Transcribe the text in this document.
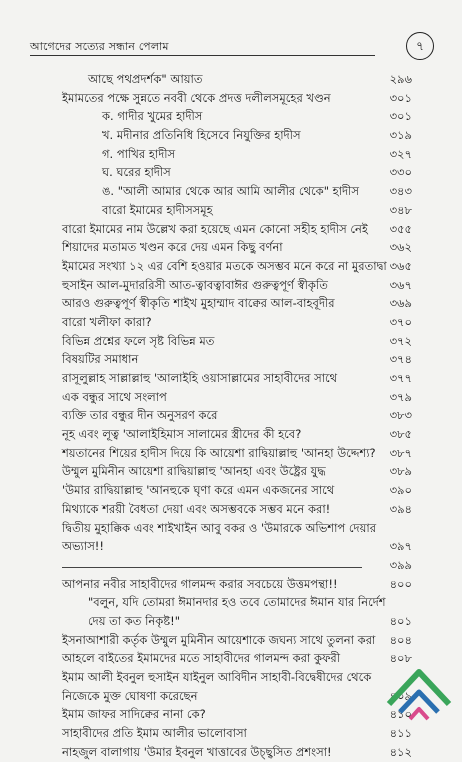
আগেদের সত্যের সন্ধান পেলাম	৭
আছে পথপ্রদর্শক" আয়াত	২৯৬
ইমামতের পক্ষে সুন্নতে নববী থেকে প্রদত্ত দলীলসমূহের খণ্ডন	৩০১
ক. গাদীর খুমের হাদীস	৩০১
খ. মদীনার প্রতিনিধি হিসেবে নিযুক্তির হাদীস	৩১৯
গ. পাখির হাদীস	৩২৭
ঘ. ঘরের হাদীস	৩৩০
ঙ. "আলী আমার থেকে আর আমি আলীর থেকে" হাদীস	৩৪৩
বারো ইমামের হাদীসসমূহ	৩৪৮
বারো ইমামের নাম উল্লেখ করা হয়েছে এমন কোনো সহীহ হাদীস নেই ৩৫৫
শিয়াদের মতামত খণ্ডন করে দেয় এমন কিছু বর্ণনা	৩৬২
ইমামের সংখ্যা ১২ এর বেশি হওয়ার মতকে অসম্ভব মনে করে না মুরতাদ্বা ৩৬৫
হুসাইন আল-মুদাররিসী আত-ত্বাবত্বাবাঈর গুরুত্বপূর্ণ স্বীকৃতি	৩৬৭
আরও গুরুত্বপূর্ণ স্বীকৃতি শাইখ মুহাম্মাদ বাক্বের আল-বাহবূদীর	৩৬৯
বারো খলীফা কারা?	৩৭০
বিভিন্ন প্রশ্নের ফলে সৃষ্ট বিভিন্ন মত	৩৭২
বিষয়টির সমাধান	৩৭৪
রাসূলুল্লাহ সাল্লাল্লাহু 'আলাইহি ওয়াসাল্লামের সাহাবীদের সাথে	৩৭৭
এক বন্ধুর সাথে সংলাপ	৩৭৯
ব্যক্তি তার বন্ধুর দীন অনুসরণ করে	৩৮৩
নূহ এবং লূত্ব 'আলাইহিমাস সালামের স্ত্রীদের কী হবে?	৩৮৫
শয়তানের শিয়ের হাদীস দিয়ে কি আয়েশা রাদ্বিয়াল্লাহু 'আনহা উদ্দেশ্য? ৩৮৭
উম্মুল মুমিনীন আয়েশা রাদ্বিয়াল্লাহু 'আনহা এবং উষ্ট্রের যুদ্ধ	৩৮৯
'উমার রাদ্বিয়াল্লাহু 'আনহুকে ঘৃণা করে এমন একজনের সাথে	৩৯০
মিথ্যাকে শরয়ী বৈধতা দেয়া এবং অসম্ভবকে সম্ভব মনে করা!	৩৯৪
দ্বিতীয় মুহাক্কিক এবং শাইখাইন আবু বকর ও 'উমারকে অভিশাপ দেয়ার অভ্যাস!!	৩৯৭
৩৯৯
আপনার নবীর সাহাবীদের গালমন্দ করার সবচেয়ে উত্তমপন্থা!!	৪০০
"বলুন, যদি তোমরা ঈমানদার হও তবে তোমাদের ঈমান যার নির্দেশ দেয় তা কত নিকৃষ্ট!"	৪০১
ইসনাআশারী কর্তৃক উম্মুল মুমিনীন আয়েশাকে জঘন্য সাথে তুলনা করা ৪০৪
আহলে বাইতের ইমামদের মতে সাহাবীদের গালমন্দ করা কুফরী	৪০৮
ইমাম আলী ইবনুল হুসাইন যাইনুল আবিদীন সাহাবী-বিদ্বেষীদের থেকে নিজেকে মুক্ত ঘোষণা করেছেন	৪০৯
ইমাম জাফর সাদিক্বের নানা কে?	৪১০
সাহাবীদের প্রতি ইমাম আলীর ভালোবাসা	৪১১
নাহজুল বালাগায় 'উমার ইবনুল খাত্তাবের উচ্ছ্বসিত প্রশংসা!	৪১২
